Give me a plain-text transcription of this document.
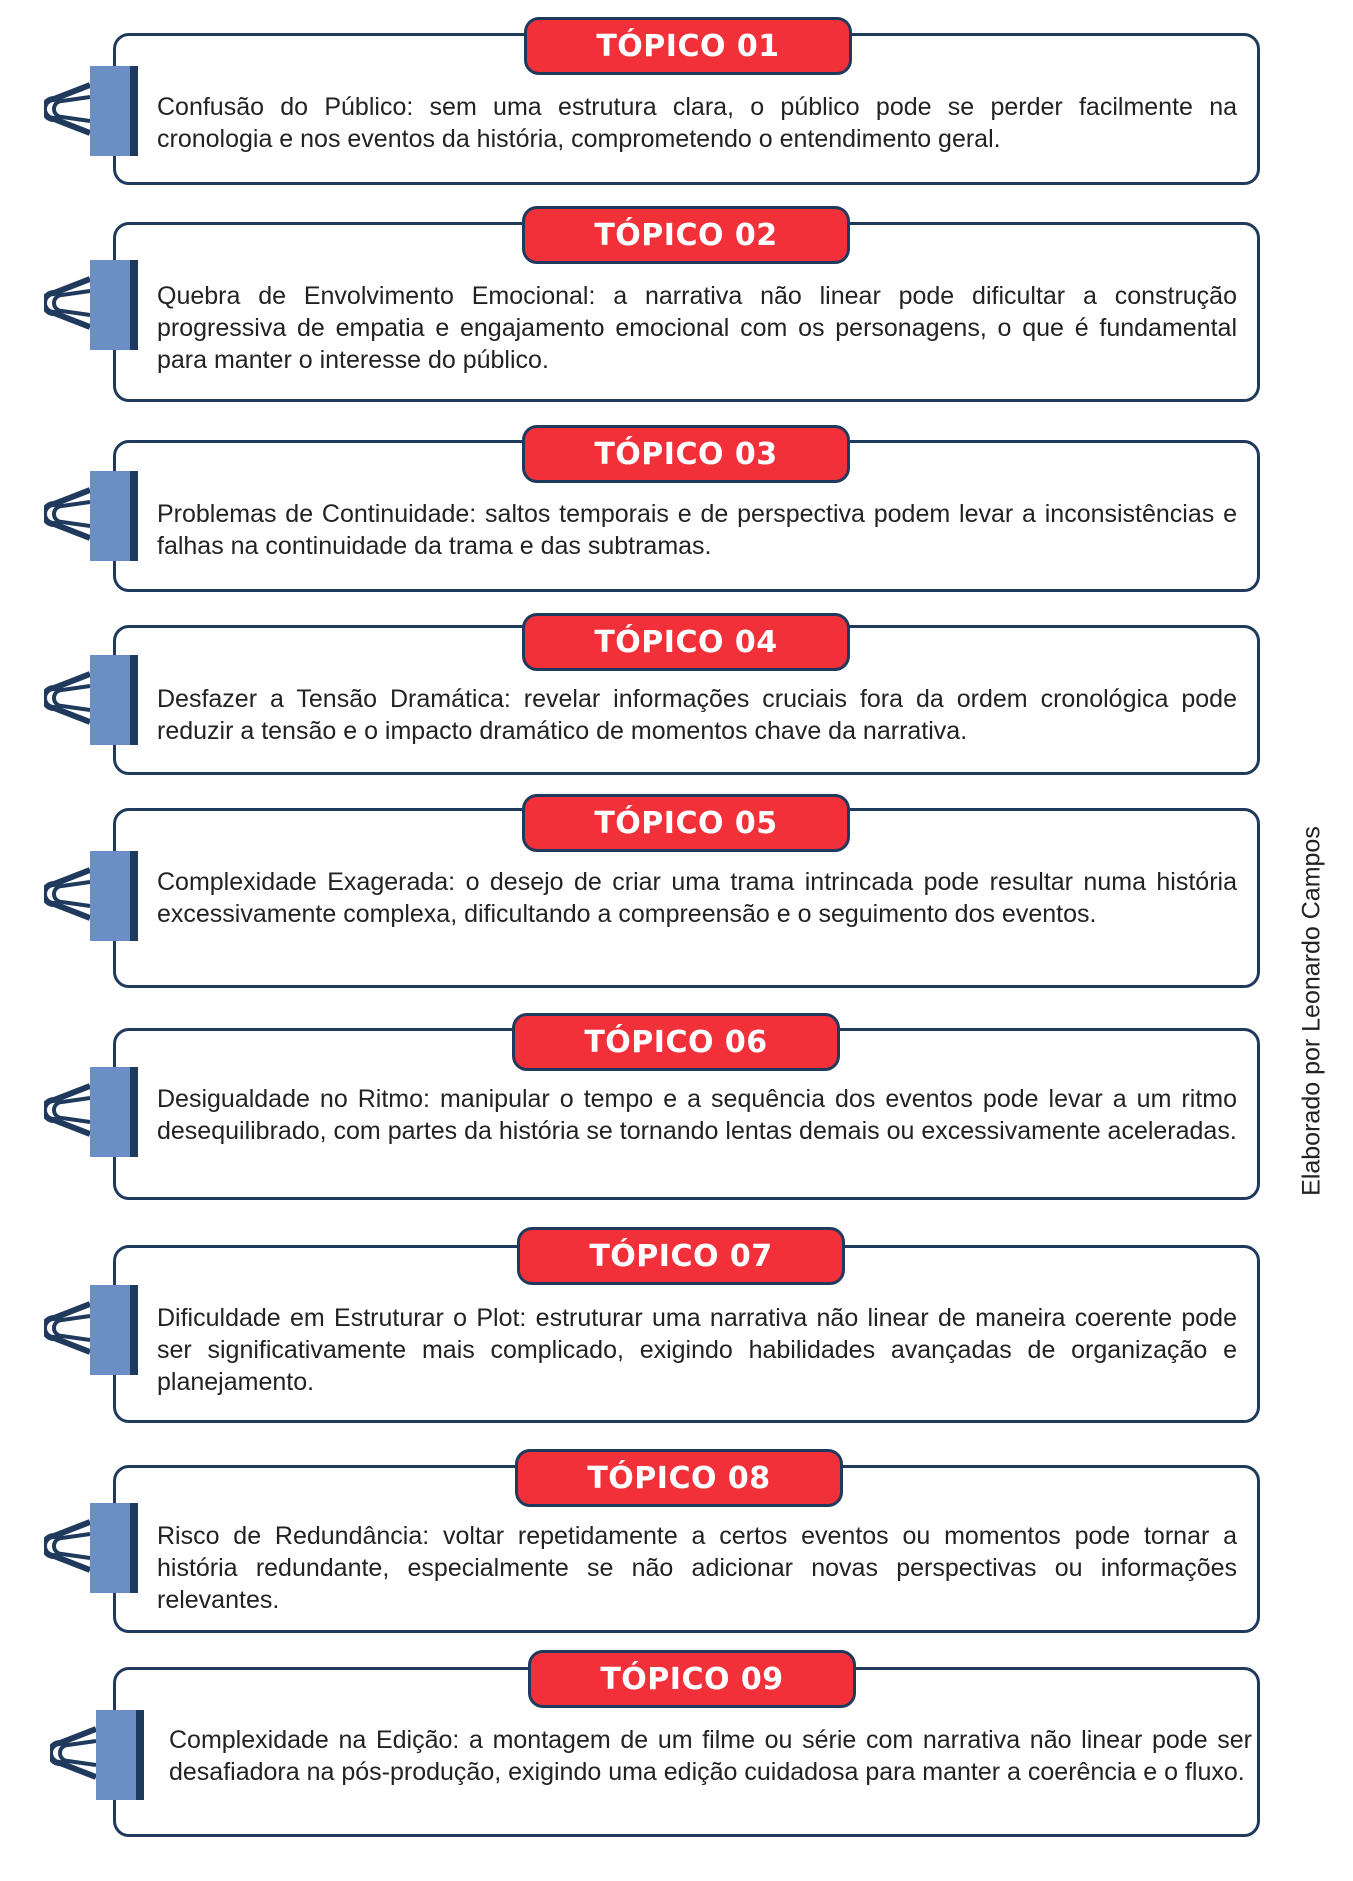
Confusão do Público: sem uma estrutura clara, o público pode se perder facilmente na cronologia e nos eventos da história, comprometendo o entendimento geral.
TÓPICO 01
Quebra de Envolvimento Emocional: a narrativa não linear pode dificultar a construção progressiva de empatia e engajamento emocional com os personagens, o que é fundamental para manter o interesse do público.
TÓPICO 02
Problemas de Continuidade: saltos temporais e de perspectiva podem levar a inconsistências e falhas na continuidade da trama e das subtramas.
TÓPICO 03
Desfazer a Tensão Dramática: revelar informações cruciais fora da ordem cronológica pode reduzir a tensão e o impacto dramático de momentos chave da narrativa.
TÓPICO 04
Complexidade Exagerada: o desejo de criar uma trama intrincada pode resultar numa história excessivamente complexa, dificultando a compreensão e o seguimento dos eventos.
TÓPICO 05
Desigualdade no Ritmo: manipular o tempo e a sequência dos eventos pode levar a um ritmo desequilibrado, com partes da história se tornando lentas demais ou excessivamente aceleradas.
TÓPICO 06
Dificuldade em Estruturar o Plot: estruturar uma narrativa não linear de maneira coerente pode ser significativamente mais complicado, exigindo habilidades avançadas de organização e planejamento.
TÓPICO 07
Risco de Redundância: voltar repetidamente a certos eventos ou momentos pode tornar a história redundante, especialmente se não adicionar novas perspectivas ou informações relevantes.
TÓPICO 08
Complexidade na Edição: a montagem de um filme ou série com narrativa não linear pode ser desafiadora na pós-produção, exigindo uma edição cuidadosa para manter a coerência e o fluxo.
TÓPICO 09
Elaborado por Leonardo Campos
